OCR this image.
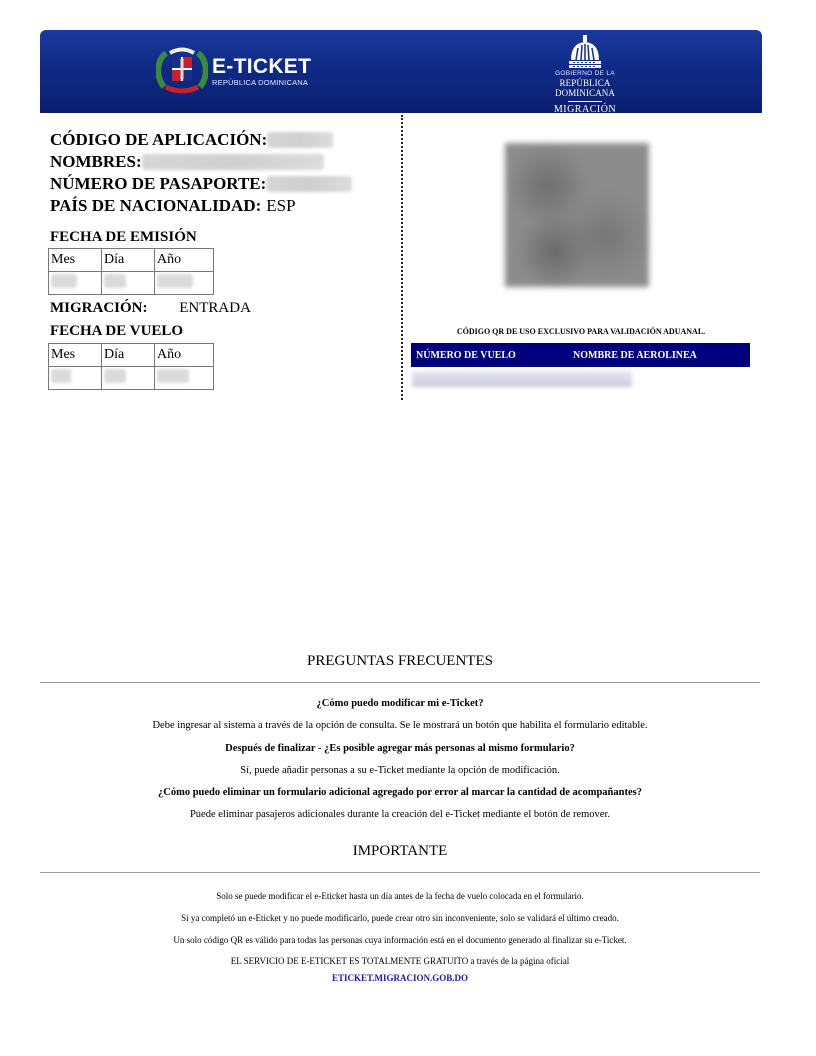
E-TICKET
REPÚBLICA DOMINICANA
GOBIERNO DE LA
REPÚBLICA DOMINICANA
MIGRACIÓN
CÓDIGO DE APLICACIÓN:
NOMBRES:
NÚMERO DE PASAPORTE:
PAÍS DE NACIONALIDAD: ESP
FECHA DE EMISIÓN
Mes	Día	Año

MIGRACIÓN: ENTRADA
FECHA DE VUELO
Mes	Día	Año

CÓDIGO QR DE USO EXCLUSIVO PARA VALIDACIÓN ADUANAL.
NÚMERO DE VUELO	NOMBRE DE AEROLINEA
PREGUNTAS FRECUENTES
¿Cómo puedo modificar mi e-Ticket?
Debe ingresar al sistema a través de la opción de consulta. Se le mostrará un botón que habilita el formulario editable.
Después de finalizar - ¿Es posible agregar más personas al mismo formulario?
Sí, puede añadir personas a su e-Ticket mediante la opción de modificación.
¿Cómo puedo eliminar un formulario adicional agregado por error al marcar la cantidad de acompañantes?
Puede eliminar pasajeros adicionales durante la creación del e-Ticket mediante el botón de remover.
IMPORTANTE
Solo se puede modificar el e-Eticket hasta un día antes de la fecha de vuelo colocada en el formulario.
Si ya completó un e-Eticket y no puede modificarlo, puede crear otro sin inconveniente, solo se validará el último creado.
Un solo código QR es válido para todas las personas cuya información está en el documento generado al finalizar su e-Ticket.
EL SERVICIO DE E-ETICKET ES TOTALMENTE GRATUITO a través de la página oficial
ETICKET.MIGRACION.GOB.DO
